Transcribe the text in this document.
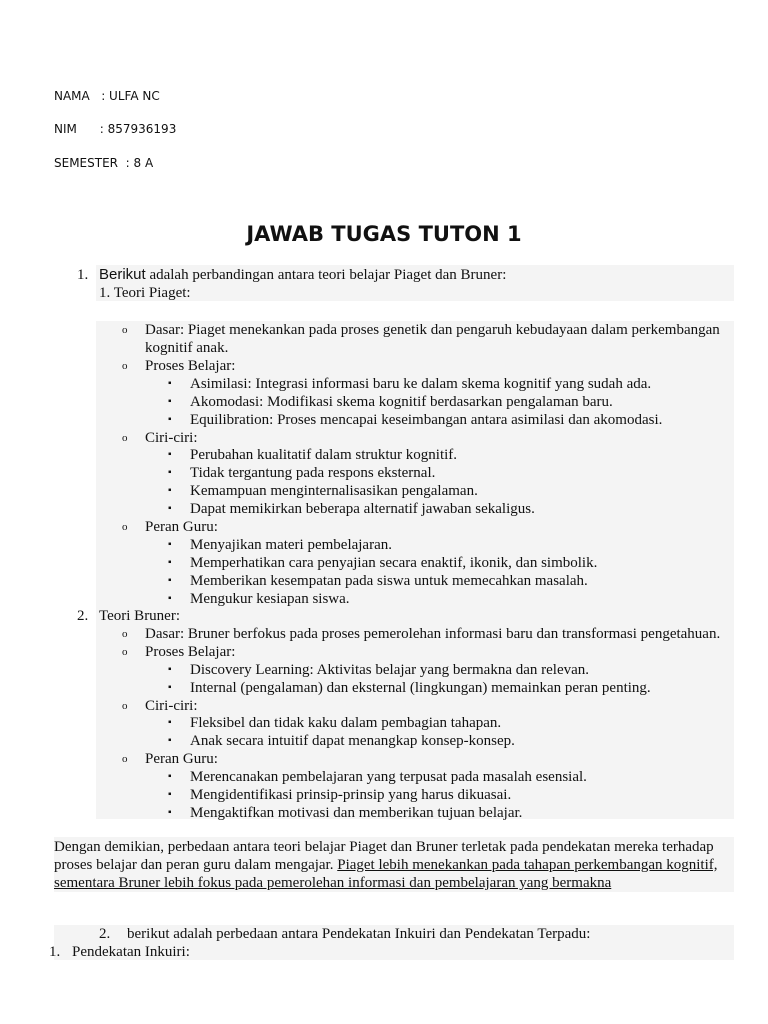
NAMA   : ULFA NC
NIM      : 857936193
SEMESTER  : 8 A
JAWAB TUGAS TUTON 1
1. Berikut adalah perbandingan antara teori belajar Piaget dan Bruner:
1. Teori Piaget:
o Dasar: Piaget menekankan pada proses genetik dan pengaruh kebudayaan dalam perkembangan
kognitif anak.
o Proses Belajar:
▪ Asimilasi: Integrasi informasi baru ke dalam skema kognitif yang sudah ada.
▪ Akomodasi: Modifikasi skema kognitif berdasarkan pengalaman baru.
▪ Equilibration: Proses mencapai keseimbangan antara asimilasi dan akomodasi.
o Ciri-ciri:
▪ Perubahan kualitatif dalam struktur kognitif.
▪ Tidak tergantung pada respons eksternal.
▪ Kemampuan menginternalisasikan pengalaman.
▪ Dapat memikirkan beberapa alternatif jawaban sekaligus.
o Peran Guru:
▪ Menyajikan materi pembelajaran.
▪ Memperhatikan cara penyajian secara enaktif, ikonik, dan simbolik.
▪ Memberikan kesempatan pada siswa untuk memecahkan masalah.
▪ Mengukur kesiapan siswa.
2. Teori Bruner:
o Dasar: Bruner berfokus pada proses pemerolehan informasi baru dan transformasi pengetahuan.
o Proses Belajar:
▪ Discovery Learning: Aktivitas belajar yang bermakna dan relevan.
▪ Internal (pengalaman) dan eksternal (lingkungan) memainkan peran penting.
o Ciri-ciri:
▪ Fleksibel dan tidak kaku dalam pembagian tahapan.
▪ Anak secara intuitif dapat menangkap konsep-konsep.
o Peran Guru:
▪ Merencanakan pembelajaran yang terpusat pada masalah esensial.
▪ Mengidentifikasi prinsip-prinsip yang harus dikuasai.
▪ Mengaktifkan motivasi dan memberikan tujuan belajar.
Dengan demikian, perbedaan antara teori belajar Piaget dan Bruner terletak pada pendekatan mereka terhadap
proses belajar dan peran guru dalam mengajar. Piaget lebih menekankan pada tahapan perkembangan kognitif,
sementara Bruner lebih fokus pada pemerolehan informasi dan pembelajaran yang bermakna
2. berikut adalah perbedaan antara Pendekatan Inkuiri dan Pendekatan Terpadu:
1. Pendekatan Inkuiri:
